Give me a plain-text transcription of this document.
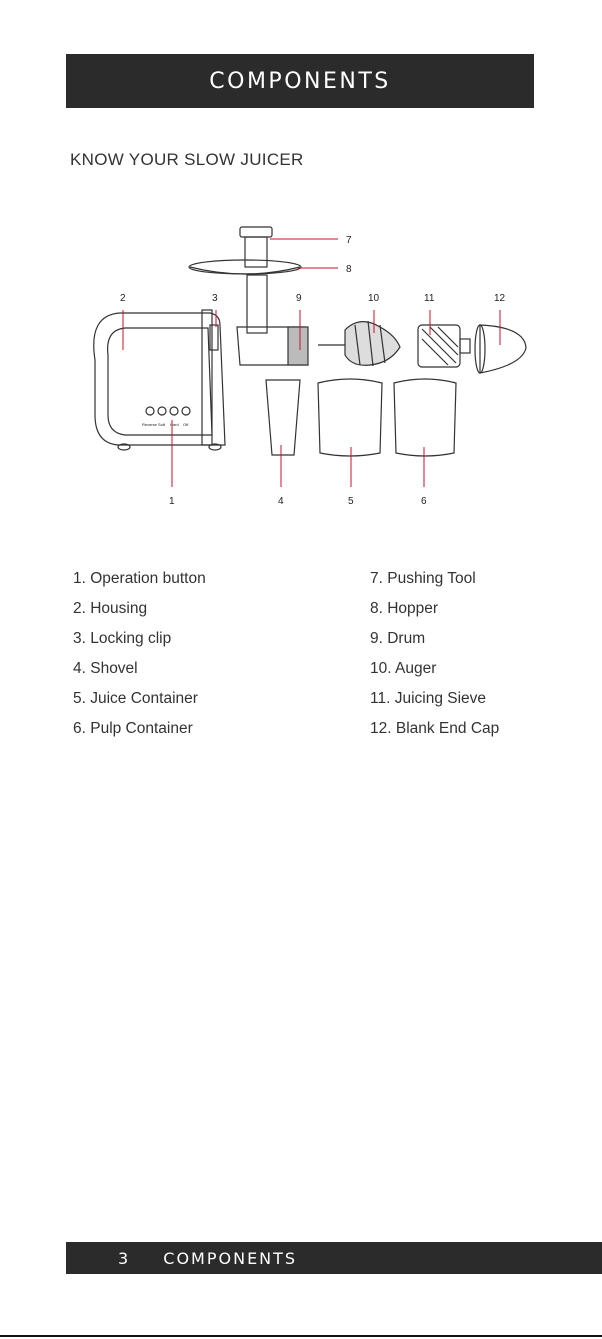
COMPONENTS
KNOW YOUR SLOW JUICER
7
8
2	3	9	10	11	12
1	4	5	6
Reverse Soft Hard Off
1. Operation button
2. Housing
3. Locking clip
4. Shovel
5. Juice Container
6. Pulp Container
7. Pushing Tool
8. Hopper
9. Drum
10. Auger
11. Juicing Sieve
12. Blank End Cap
3 COMPONENTS
